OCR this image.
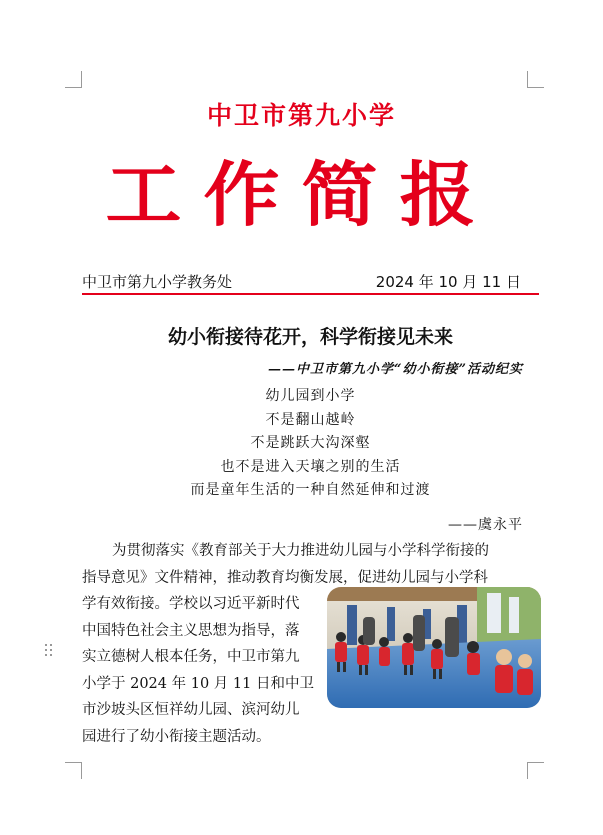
中卫市第九小学
工作简报
中卫市第九小学教务处	2024 年 10 月 11 日
幼小衔接待花开，科学衔接见未来
——中卫市第九小学“幼小衔接”活动纪实
幼儿园到小学
不是翻山越岭
不是跳跃大沟深壑
也不是进入天壤之别的生活
而是童年生活的一种自然延伸和过渡
——虞永平
为贯彻落实《教育部关于大力推进幼儿园与小学科学衔接的
指导意见》文件精神，推动教育均衡发展，促进幼儿园与小学科
学有效衔接。学校以习近平新时代
中国特色社会主义思想为指导，落
实立德树人根本任务，中卫市第九
小学于 2024 年 10 月 11 日和中卫
市沙坡头区恒祥幼儿园、滨河幼儿
园进行了幼小衔接主题活动。
